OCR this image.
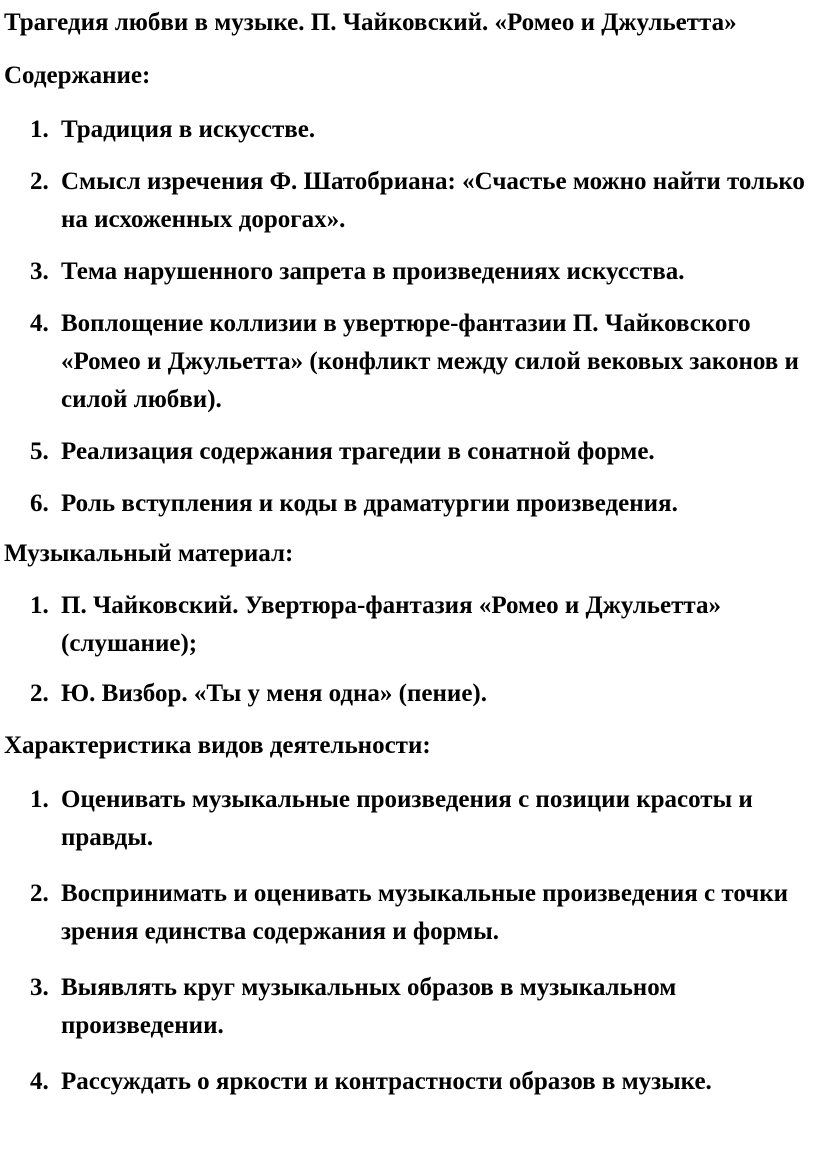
Трагедия любви в музыке. П. Чайковский. «Ромео и Джульетта»
Содержание:
1. Традиция в искусстве.
2. Смысл изречения Ф. Шатобриана: «Счастье можно найти только на исхоженных дорогах».
3. Тема нарушенного запрета в произведениях искусства.
4. Воплощение коллизии в увертюре-фантазии П. Чайковского «Ромео и Джульетта» (конфликт между силой вековых законов и силой любви).
5. Реализация содержания трагедии в сонатной форме.
6. Роль вступления и коды в драматургии произведения.
Музыкальный материал:
1. П. Чайковский. Увертюра-фантазия «Ромео и Джульетта» (слушание);
2. Ю. Визбор. «Ты у меня одна» (пение).
Характеристика видов деятельности:
1. Оценивать музыкальные произведения с позиции красоты и правды.
2. Воспринимать и оценивать музыкальные произведения с точки зрения единства содержания и формы.
3. Выявлять круг музыкальных образов в музыкальном произведении.
4. Рассуждать о яркости и контрастности образов в музыке.
